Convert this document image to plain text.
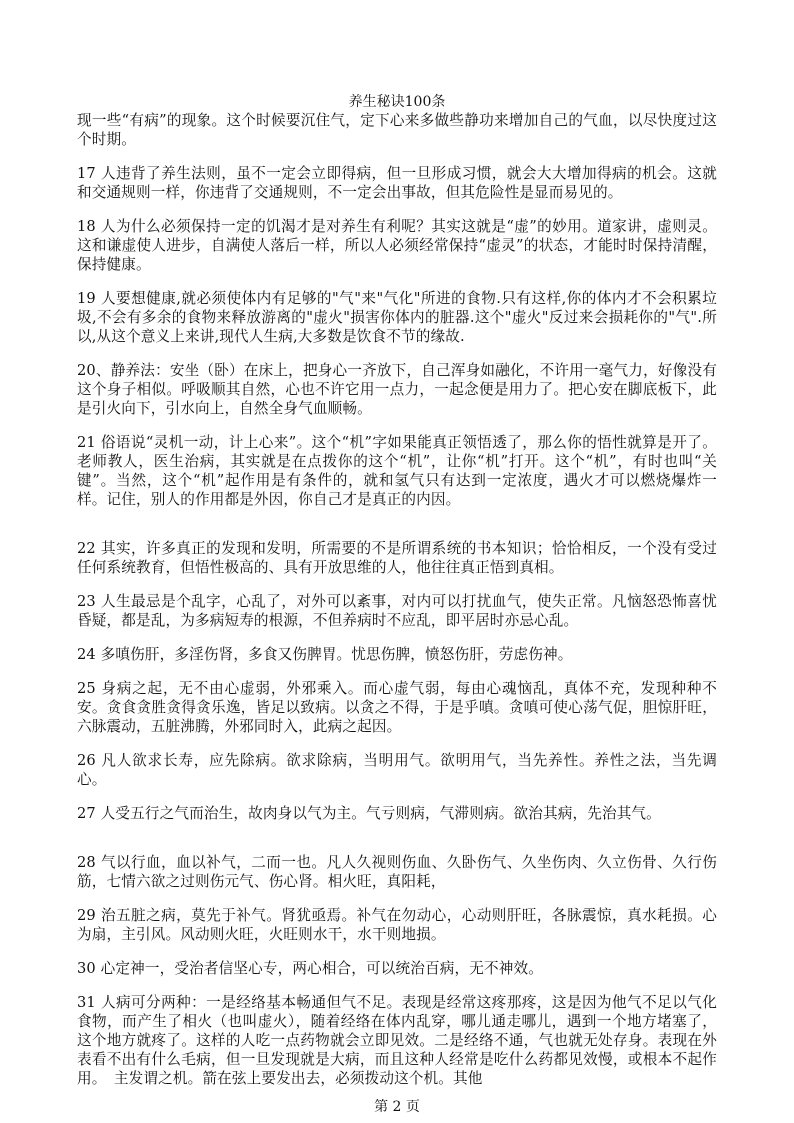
养生秘诀100条

现一些“有病”的现象。这个时候要沉住气，定下心来多做些静功来增加自己的气血，以尽快度过这个时期。

17 人违背了养生法则，虽不一定会立即得病，但一旦形成习惯，就会大大增加得病的机会。这就和交通规则一样，你违背了交通规则，不一定会出事故，但其危险性是显而易见的。

18 人为什么必须保持一定的饥渴才是对养生有利呢？其实这就是“虚”的妙用。道家讲，虚则灵。这和谦虚使人进步，自满使人落后一样，所以人必须经常保持“虚灵”的状态，才能时时保持清醒，保持健康。

19 人要想健康,就必须使体内有足够的"气"来"气化"所进的食物.只有这样,你的体内才不会积累垃圾,不会有多余的食物来释放游离的"虚火"损害你体内的脏器.这个"虚火"反过来会损耗你的"气".所以,从这个意义上来讲,现代人生病,大多数是饮食不节的缘故.

20、静养法：安坐（卧）在床上，把身心一齐放下，自己浑身如融化，不许用一毫气力，好像没有这个身子相似。呼吸顺其自然，心也不许它用一点力，一起念便是用力了。把心安在脚底板下，此是引火向下，引水向上，自然全身气血顺畅。

21 俗语说“灵机一动，计上心来”。这个“机”字如果能真正领悟透了，那么你的悟性就算是开了。老师教人，医生治病，其实就是在点拨你的这个“机”，让你“机”打开。这个“机”，有时也叫“关键”。当然，这个“机”起作用是有条件的，就和氢气只有达到一定浓度，遇火才可以燃烧爆炸一样。记住，别人的作用都是外因，你自己才是真正的内因。

22 其实，许多真正的发现和发明，所需要的不是所谓系统的书本知识；恰恰相反，一个没有受过任何系统教育，但悟性极高的、具有开放思维的人，他往往真正悟到真相。

23 人生最忌是个乱字，心乱了，对外可以紊事，对内可以打扰血气，使失正常。凡恼怒恐怖喜忧昏疑，都是乱，为多病短寿的根源，不但养病时不应乱，即平居时亦忌心乱。

24 多嗔伤肝，多淫伤肾，多食又伤脾胃。忧思伤脾，愤怒伤肝，劳虑伤神。

25 身病之起，无不由心虚弱，外邪乘入。而心虚气弱，每由心魂恼乱，真体不充，发现种种不安。贪食贪胜贪得贪乐逸，皆足以致病。以贪之不得，于是乎嗔。贪嗔可使心荡气促，胆惊肝旺，六脉震动，五脏沸腾，外邪同时入，此病之起因。

26 凡人欲求长寿，应先除病。欲求除病，当明用气。欲明用气，当先养性。养性之法，当先调心。

27 人受五行之气而治生，故肉身以气为主。气亏则病，气滞则病。欲治其病，先治其气。

28 气以行血，血以补气，二而一也。凡人久视则伤血、久卧伤气、久坐伤肉、久立伤骨、久行伤筋，七情六欲之过则伤元气、伤心肾。相火旺，真阳耗，

29 治五脏之病，莫先于补气。肾犹亟焉。补气在勿动心，心动则肝旺，各脉震惊，真水耗损。心为扇，主引风。风动则火旺，火旺则水干，水干则地损。

30 心定神一，受治者信坚心专，两心相合，可以统治百病，无不神效。

31 人病可分两种：一是经络基本畅通但气不足。表现是经常这疼那疼，这是因为他气不足以气化食物，而产生了相火（也叫虚火），随着经络在体内乱穿，哪儿通走哪儿，遇到一个地方堵塞了，这个地方就疼了。这样的人吃一点药物就会立即见效。二是经络不通，气也就无处存身。表现在外表看不出有什么毛病，但一旦发现就是大病，而且这种人经常是吃什么药都见效慢，或根本不起作用。　主发谓之机。箭在弦上要发出去，必须拨动这个机。其他

第 2 页
